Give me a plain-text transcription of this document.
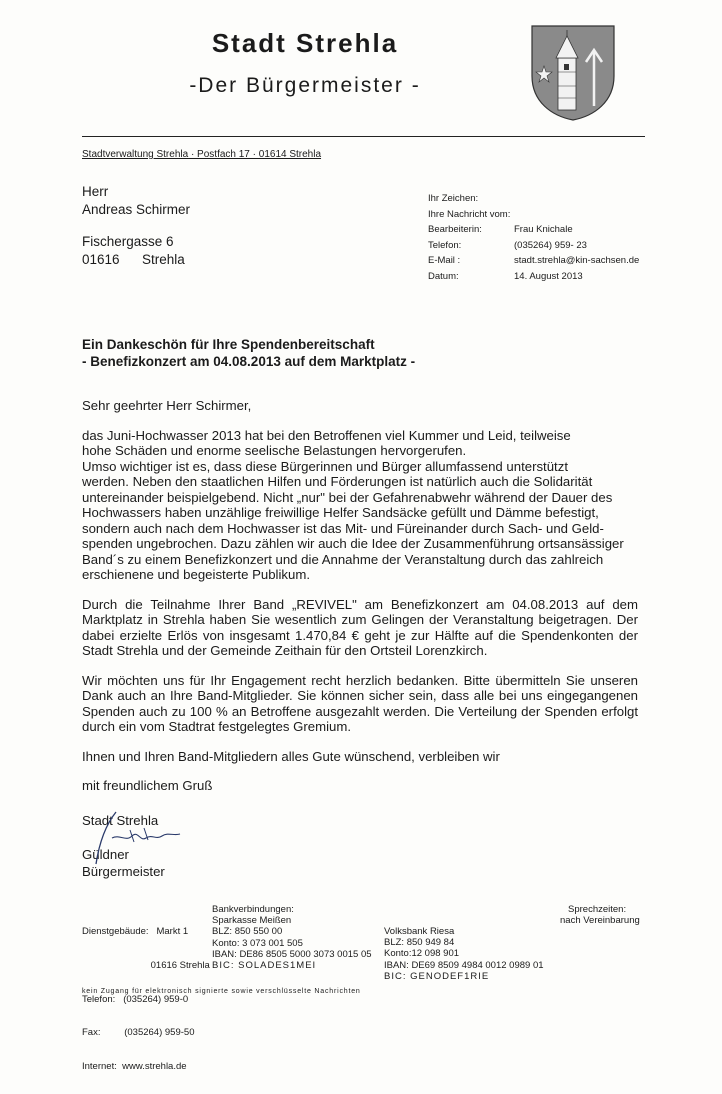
Stadt Strehla
-Der Bürgermeister -
Stadtverwaltung Strehla · Postfach 17 · 01614 Strehla
Herr
Andreas Schirmer
Fischergasse 6
01616      Strehla
Ihr Zeichen:
Ihre Nachricht vom:
Bearbeiterin:	Frau Knichale
Telefon:	(035264) 959- 23
E-Mail :	stadt.strehla@kin-sachsen.de
Datum:	14. August 2013
Ein Dankeschön für Ihre Spendenbereitschaft
- Benefizkonzert am 04.08.2013 auf dem Marktplatz -

Sehr geehrter Herr Schirmer,

das Juni-Hochwasser 2013 hat bei den Betroffenen viel Kummer und Leid, teilweise
hohe Schäden und enorme seelische Belastungen hervorgerufen.
Umso wichtiger ist es, dass diese Bürgerinnen und Bürger allumfassend unterstützt
werden. Neben den staatlichen Hilfen und Förderungen ist natürlich auch die Solidarität
untereinander beispielgebend. Nicht „nur" bei der Gefahrenabwehr während der Dauer des
Hochwassers haben unzählige freiwillige Helfer Sandsäcke gefüllt und Dämme befestigt,
sondern auch nach dem Hochwasser ist das Mit- und Füreinander durch Sach- und Geld-
spenden ungebrochen. Dazu zählen wir auch die Idee der Zusammenführung ortsansässiger
Band´s zu einem Benefizkonzert und die Annahme der Veranstaltung durch das zahlreich
erschienene und begeisterte Publikum.

Durch die Teilnahme Ihrer Band „REVIVEL" am Benefizkonzert am 04.08.2013 auf dem Marktplatz in Strehla haben Sie wesentlich zum Gelingen der Veranstaltung beigetragen. Der dabei erzielte Erlös von insgesamt 1.470,84 € geht je zur Hälfte auf die Spendenkonten der Stadt Strehla und der Gemeinde Zeithain für den Ortsteil Lorenzkirch.

Wir möchten uns für Ihr Engagement recht herzlich bedanken. Bitte übermitteln Sie unseren Dank auch an Ihre Band-Mitglieder. Sie können sicher sein, dass alle bei uns eingegangenen Spenden auch zu 100 % an Betroffene ausgezahlt werden. Die Verteilung der Spenden erfolgt durch ein vom Stadtrat festgelegtes Gremium.

Ihnen und Ihren Band-Mitgliedern alles Gute wünschend, verbleiben wir

mit freundlichem Gruß

Stadt Strehla
Güldner
Bürgermeister

Dienstgebäude:   Markt 1

01616 Strehla

Telefon:   (035264) 959-0

Fax:         (035264) 959-50

Internet:  www.strehla.de

Bankverbindungen:
Sparkasse Meißen
BLZ: 850 550 00
Konto: 3 073 001 505
IBAN: DE86 8505 5000 3073 0015 05
BIC: SOLADES1MEI
Volksbank Riesa
BLZ: 850 949 84
Konto:12 098 901
IBAN: DE69 8509 4984 0012 0989 01
BIC: GENODEF1RIE
Sprechzeiten:
nach Vereinbarung
kein Zugang für elektronisch signierte sowie verschlüsselte Nachrichten
